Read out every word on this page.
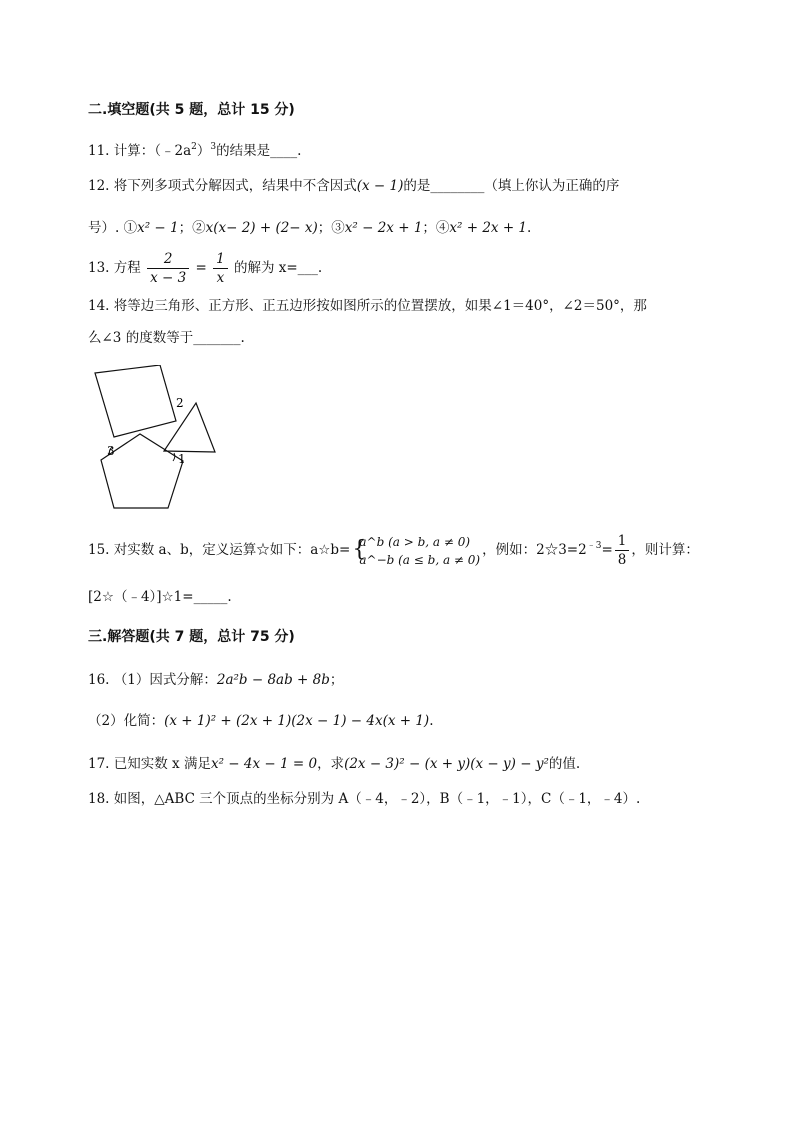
二.填空题(共 5 题，总计 15 分)
11. 计算：$(﹣2a^2)^3$的结果是____.
12. 将下列多项式分解因式，结果中不含因式(x − 1)的是________（填上你认为正确的序
号）. ①x² − 1；②x(x− 2) + (2− x)；③x² − 2x + 1；④x² + 2x + 1.
13. 方程 $\frac{2}{x - 3} = \frac{1}{x}$ 的解为 x=___.
14. 将等边三角形、正方形、正五边形按如图所示的位置摆放，如果∠1＝40°，∠2＝50°，那
么∠3 的度数等于_______.
2
3
1
15. 对实数 a、b，定义运算☆如下：a☆b= {
a^b (a > b, a ≠ 0)
a^−b (a ≤ b, a ≠ 0)
，例如：$2☆3=2^{﹣3}= \frac{1}{8}$ ，则计算：
[2☆（﹣4）]☆1=_____.
三.解答题(共 7 题，总计 75 分)
16. （1）因式分解：2a²b − 8ab + 8b；
（2）化简：(x + 1)² + (2x + 1)(2x − 1) − 4x(x + 1).
17. 已知实数 x 满足x² − 4x − 1 = 0，求(2x − 3)² − (x + y)(x − y) − y²的值.
18. 如图，△ABC 三个顶点的坐标分别为 A（﹣4，﹣2），B（﹣1，﹣1），C（﹣1，﹣4）.
